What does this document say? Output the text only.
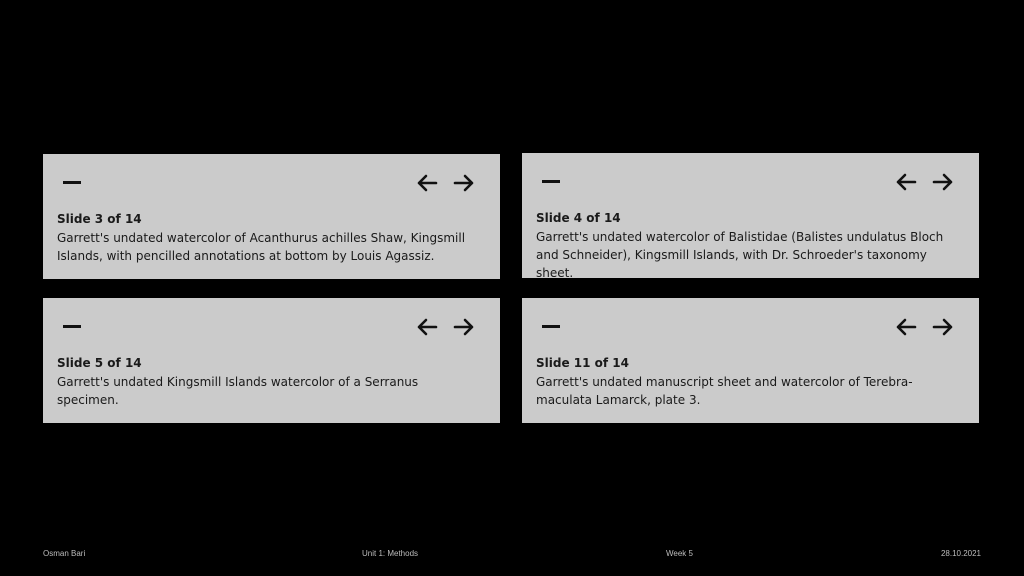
Slide 3 of 14
Garrett's undated watercolor of Acanthurus achilles Shaw, Kingsmill Islands, with pencilled annotations at bottom by Louis Agassiz.
Slide 4 of 14
Garrett's undated watercolor of Balistidae (Balistes undulatus Bloch and Schneider), Kingsmill Islands, with Dr. Schroeder's taxonomy sheet.
Slide 5 of 14
Garrett's undated Kingsmill Islands watercolor of a Serranus specimen.
Slide 11 of 14
Garrett's undated manuscript sheet and watercolor of Terebra-maculata Lamarck, plate 3.
Osman Bari	Unit 1: Methods	Week 5	28.10.2021
